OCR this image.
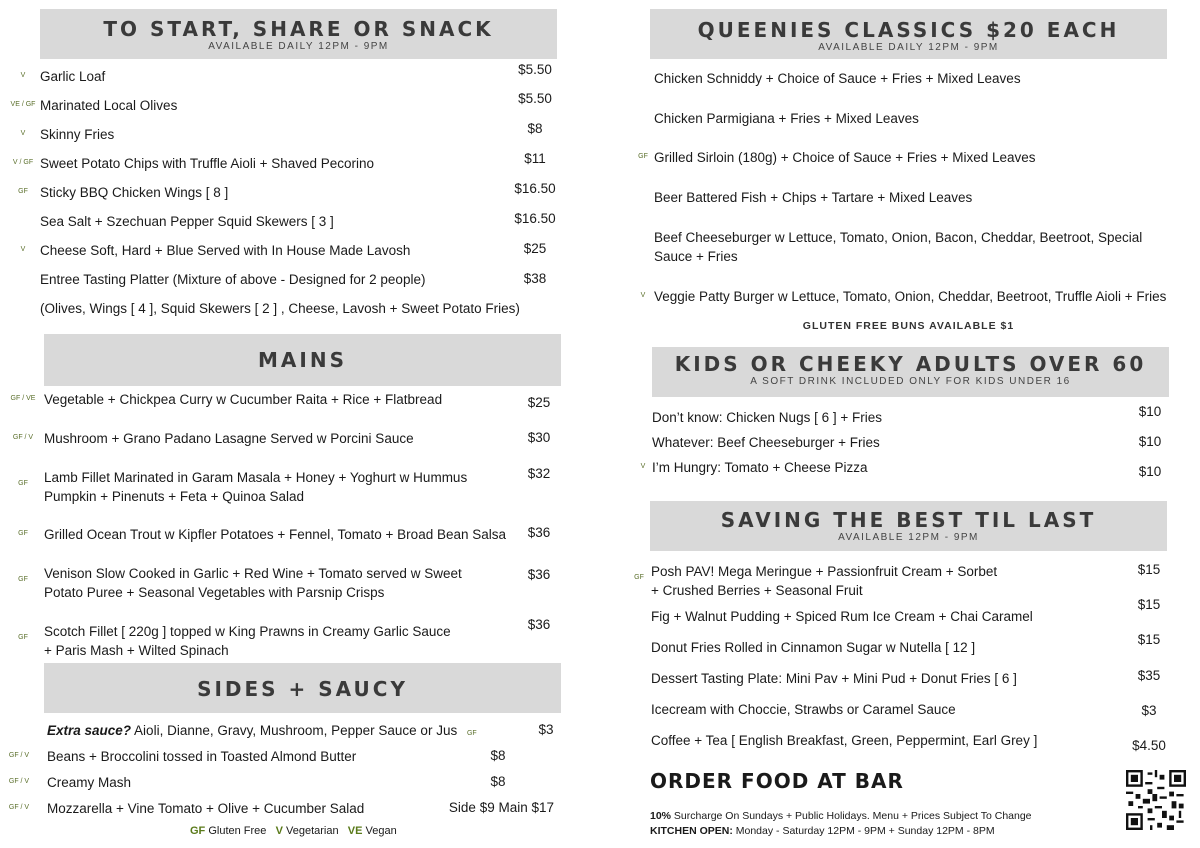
TO START, SHARE OR SNACK
AVAILABLE DAILY 12PM - 9PM
V	Garlic Loaf	$5.50
VE / GF Marinated Local Olives	$5.50
V	Skinny Fries	$8
V / GF Sweet Potato Chips with Truffle Aioli + Shaved Pecorino	$11
GF Sticky BBQ Chicken Wings [ 8 ]	$16.50
Sea Salt + Szechuan Pepper Squid Skewers [ 3 ]	$16.50
V	Cheese Soft, Hard + Blue Served with In House Made Lavosh	$25
Entree Tasting Platter (Mixture of above - Designed for 2 people)	$38
(Olives, Wings [ 4 ], Squid Skewers [ 2 ] , Cheese, Lavosh + Sweet Potato Fries)
MAINS
GF / VE Vegetable + Chickpea Curry w Cucumber Raita + Rice + Flatbread	$25
GF / V Mushroom + Grano Padano Lasagne Served w Porcini Sauce	$30
GF	Lamb Fillet Marinated in Garam Masala + Honey + Yoghurt w Hummus
Pumpkin + Pinenuts + Feta + Quinoa Salad
$32
GF	Grilled Ocean Trout w Kipfler Potatoes + Fennel, Tomato + Broad Bean Salsa	$36
GF	Venison Slow Cooked in Garlic + Red Wine + Tomato served w Sweet
Potato Puree + Seasonal Vegetables with Parsnip Crisps
$36
GF	Scotch Fillet [ 220g ] topped w King Prawns in Creamy Garlic Sauce
+ Paris Mash + Wilted Spinach
$36
SIDES + SAUCY
Extra sauce? Aioli, Dianne, Gravy, Mushroom, Pepper Sauce or Jus GF	$3
GF / V	Beans + Broccolini tossed in Toasted Almond Butter	$8
GF / V	Creamy Mash	$8
GF / V	Mozzarella + Vine Tomato + Olive + Cucumber Salad	Side $9 Main $17
GF Gluten Free V Vegetarian VE Vegan
QUEENIES CLASSICS $20 EACH
AVAILABLE DAILY 12PM - 9PM
Chicken Schniddy + Choice of Sauce + Fries + Mixed Leaves
Chicken Parmigiana + Fries + Mixed Leaves
GF Grilled Sirloin (180g) + Choice of Sauce + Fries + Mixed Leaves
Beer Battered Fish + Chips + Tartare + Mixed Leaves
Beef Cheeseburger w Lettuce, Tomato, Onion, Bacon, Cheddar, Beetroot, Special
Sauce + Fries
V Veggie Patty Burger w Lettuce, Tomato, Onion, Cheddar, Beetroot, Truffle Aioli + Fries
GLUTEN FREE BUNS AVAILABLE $1
KIDS OR CHEEKY ADULTS OVER 60
A SOFT DRINK INCLUDED ONLY FOR KIDS UNDER 16
Don’t know: Chicken Nugs [ 6 ] + Fries	$10
Whatever: Beef Cheeseburger + Fries	$10
V I’m Hungry: Tomato + Cheese Pizza	$10
SAVING THE BEST TIL LAST
AVAILABLE 12PM - 9PM
GF Posh PAV! Mega Meringue + Passionfruit Cream + Sorbet
+ Crushed Berries + Seasonal Fruit
$15
Fig + Walnut Pudding + Spiced Rum Ice Cream + Chai Caramel
$15
Donut Fries Rolled in Cinnamon Sugar w Nutella [ 12 ]
$15
Dessert Tasting Plate: Mini Pav + Mini Pud + Donut Fries [ 6 ]	$35
Icecream with Choccie, Strawbs or Caramel Sauce	$3
Coffee + Tea [ English Breakfast, Green, Peppermint, Earl Grey ]	$4.50
ORDER FOOD AT BAR
10% Surcharge On Sundays + Public Holidays. Menu + Prices Subject To Change
KITCHEN OPEN: Monday - Saturday 12PM - 9PM + Sunday 12PM - 8PM
